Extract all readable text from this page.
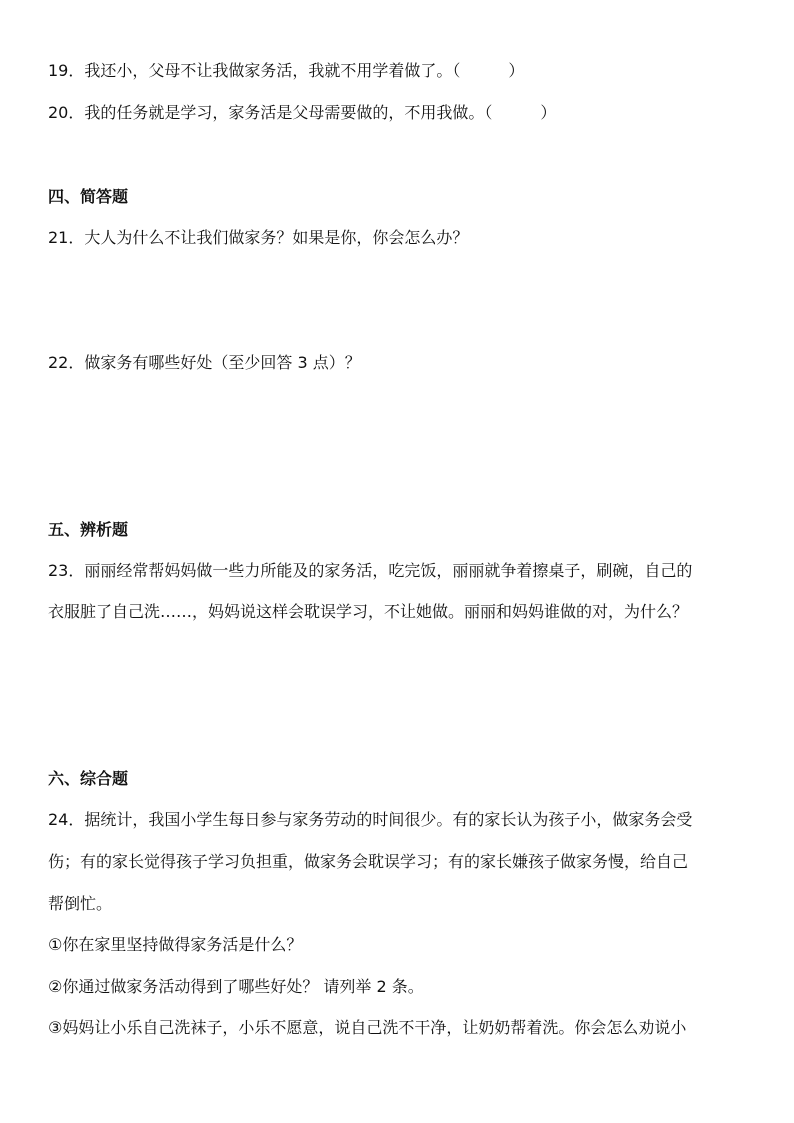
19．我还小，父母不让我做家务活，我就不用学着做了。（　　　）
20．我的任务就是学习，家务活是父母需要做的，不用我做。（　　　）
四、简答题
21．大人为什么不让我们做家务？如果是你，你会怎么办？
22．做家务有哪些好处（至少回答 3 点）？
五、辨析题
23．丽丽经常帮妈妈做一些力所能及的家务活，吃完饭，丽丽就争着擦桌子，刷碗，自己的
衣服脏了自己洗……，妈妈说这样会耽误学习，不让她做。丽丽和妈妈谁做的对，为什么？
六、综合题
24．据统计，我国小学生每日参与家务劳动的时间很少。有的家长认为孩子小，做家务会受
伤；有的家长觉得孩子学习负担重，做家务会耽误学习；有的家长嫌孩子做家务慢，给自己
帮倒忙。
①你在家里坚持做得家务活是什么？
②你通过做家务活动得到了哪些好处？ 请列举 2 条。
③妈妈让小乐自己洗袜子，小乐不愿意，说自己洗不干净，让奶奶帮着洗。你会怎么劝说小
